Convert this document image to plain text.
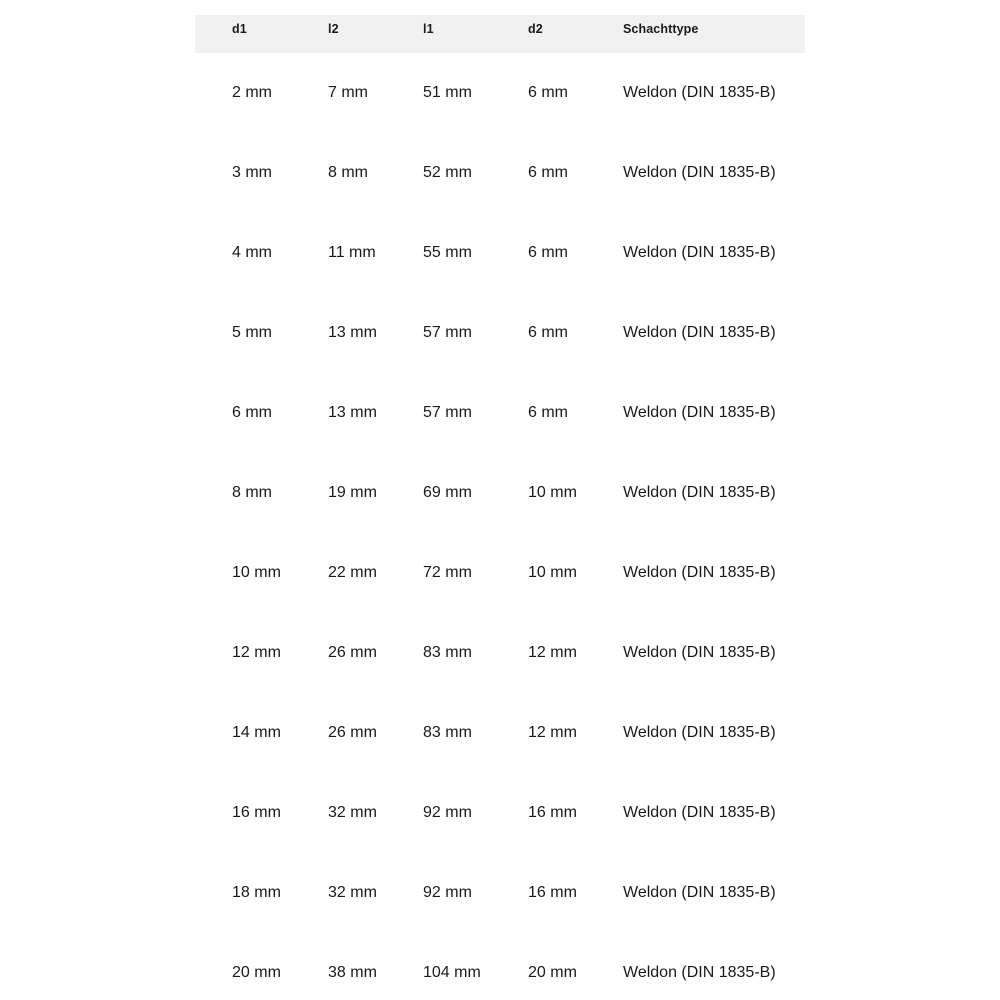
d1	l2	l1	d2	Schachttype
2 mm	7 mm	51 mm	6 mm	Weldon (DIN 1835-B)
3 mm	8 mm	52 mm	6 mm	Weldon (DIN 1835-B)
4 mm	11 mm	55 mm	6 mm	Weldon (DIN 1835-B)
5 mm	13 mm	57 mm	6 mm	Weldon (DIN 1835-B)
6 mm	13 mm	57 mm	6 mm	Weldon (DIN 1835-B)
8 mm	19 mm	69 mm	10 mm	Weldon (DIN 1835-B)
10 mm	22 mm	72 mm	10 mm	Weldon (DIN 1835-B)
12 mm	26 mm	83 mm	12 mm	Weldon (DIN 1835-B)
14 mm	26 mm	83 mm	12 mm	Weldon (DIN 1835-B)
16 mm	32 mm	92 mm	16 mm	Weldon (DIN 1835-B)
18 mm	32 mm	92 mm	16 mm	Weldon (DIN 1835-B)
20 mm	38 mm	104 mm	20 mm	Weldon (DIN 1835-B)
